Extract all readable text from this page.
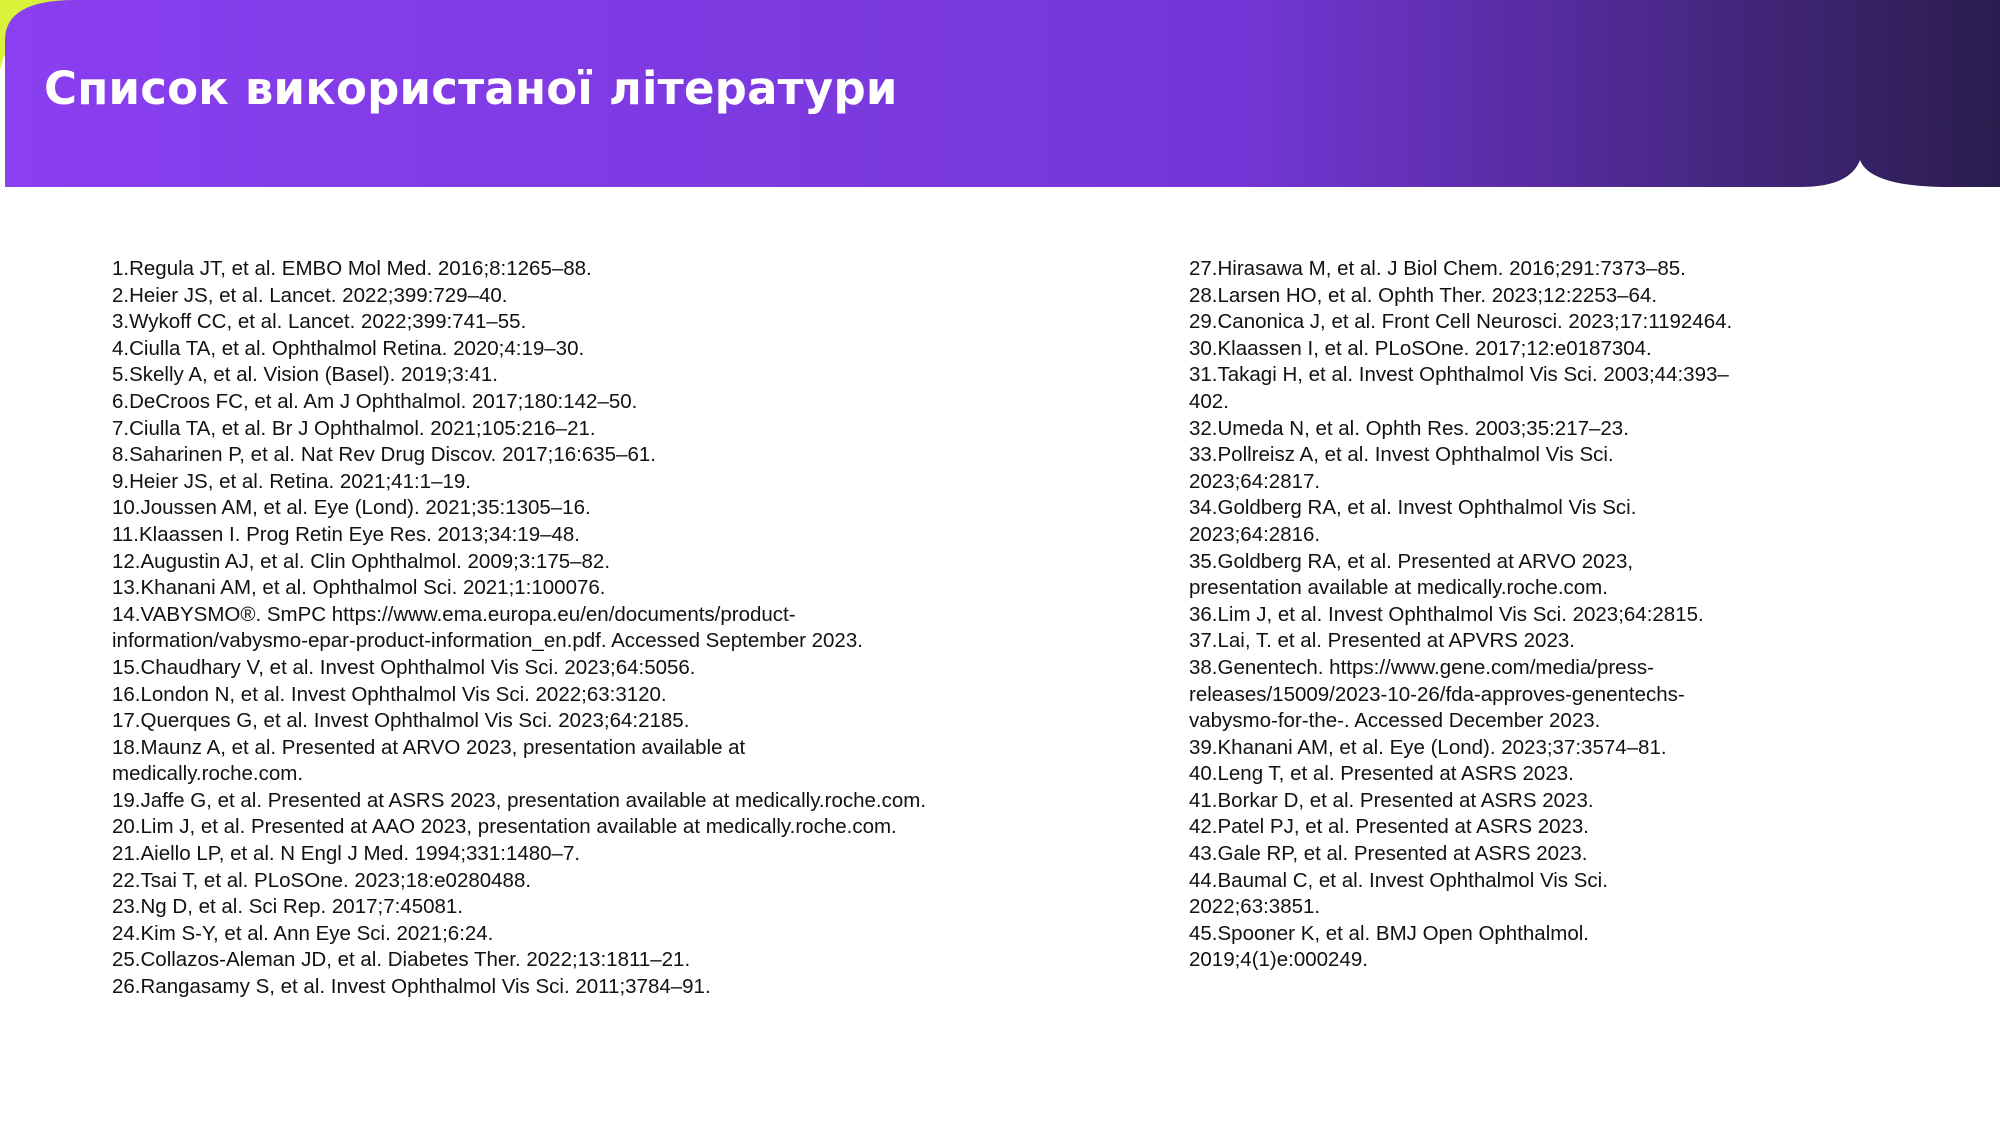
Список використаної літератури
1.Regula JT, et al. EMBO Mol Med. 2016;8:1265–88.
2.Heier JS, et al. Lancet. 2022;399:729–40.
3.Wykoff CC, et al. Lancet. 2022;399:741–55.
4.Ciulla TA, et al. Ophthalmol Retina. 2020;4:19–30.
5.Skelly A, et al. Vision (Basel). 2019;3:41.
6.DeCroos FC, et al. Am J Ophthalmol. 2017;180:142–50.
7.Ciulla TA, et al. Br J Ophthalmol. 2021;105:216–21.
8.Saharinen P, et al. Nat Rev Drug Discov. 2017;16:635–61.
9.Heier JS, et al. Retina. 2021;41:1–19.
10.Joussen AM, et al. Eye (Lond). 2021;35:1305–16.
11.Klaassen I. Prog Retin Eye Res. 2013;34:19–48.
12.Augustin AJ, et al. Clin Ophthalmol. 2009;3:175–82.
13.Khanani AM, et al. Ophthalmol Sci. 2021;1:100076.
14.VABYSMO®. SmPC https://www.ema.europa.eu/en/documents/product-
information/vabysmo-epar-product-information_en.pdf. Accessed September 2023.
15.Chaudhary V, et al. Invest Ophthalmol Vis Sci. 2023;64:5056.
16.London N, et al. Invest Ophthalmol Vis Sci. 2022;63:3120.
17.Querques G, et al. Invest Ophthalmol Vis Sci. 2023;64:2185.
18.Maunz A, et al. Presented at ARVO 2023, presentation available at
medically.roche.com.
19.Jaffe G, et al. Presented at ASRS 2023, presentation available at medically.roche.com.
20.Lim J, et al. Presented at AAO 2023, presentation available at medically.roche.com.
21.Aiello LP, et al. N Engl J Med. 1994;331:1480–7.
22.Tsai T, et al. PLoSOne. 2023;18:e0280488.
23.Ng D, et al. Sci Rep. 2017;7:45081.
24.Kim S-Y, et al. Ann Eye Sci. 2021;6:24.
25.Collazos-Aleman JD, et al. Diabetes Ther. 2022;13:1811–21.
26.Rangasamy S, et al. Invest Ophthalmol Vis Sci. 2011;3784–91.
27.Hirasawa M, et al. J Biol Chem. 2016;291:7373–85.
28.Larsen HO, et al. Ophth Ther. 2023;12:2253–64.
29.Canonica J, et al. Front Cell Neurosci. 2023;17:1192464.
30.Klaassen I, et al. PLoSOne. 2017;12:e0187304.
31.Takagi H, et al. Invest Ophthalmol Vis Sci. 2003;44:393–
402.
32.Umeda N, et al. Ophth Res. 2003;35:217–23.
33.Pollreisz A, et al. Invest Ophthalmol Vis Sci.
2023;64:2817.
34.Goldberg RA, et al. Invest Ophthalmol Vis Sci.
2023;64:2816.
35.Goldberg RA, et al. Presented at ARVO 2023,
presentation available at medically.roche.com.
36.Lim J, et al. Invest Ophthalmol Vis Sci. 2023;64:2815.
37.Lai, T. et al. Presented at APVRS 2023.
38.Genentech. https://www.gene.com/media/press-
releases/15009/2023-10-26/fda-approves-genentechs-
vabysmo-for-the-. Accessed December 2023.
39.Khanani AM, et al. Eye (Lond). 2023;37:3574–81.
40.Leng T, et al. Presented at ASRS 2023.
41.Borkar D, et al. Presented at ASRS 2023.
42.Patel PJ, et al. Presented at ASRS 2023.
43.Gale RP, et al. Presented at ASRS 2023.
44.Baumal C, et al. Invest Ophthalmol Vis Sci.
2022;63:3851.
45.Spooner K, et al. BMJ Open Ophthalmol.
2019;4(1)e:000249.
